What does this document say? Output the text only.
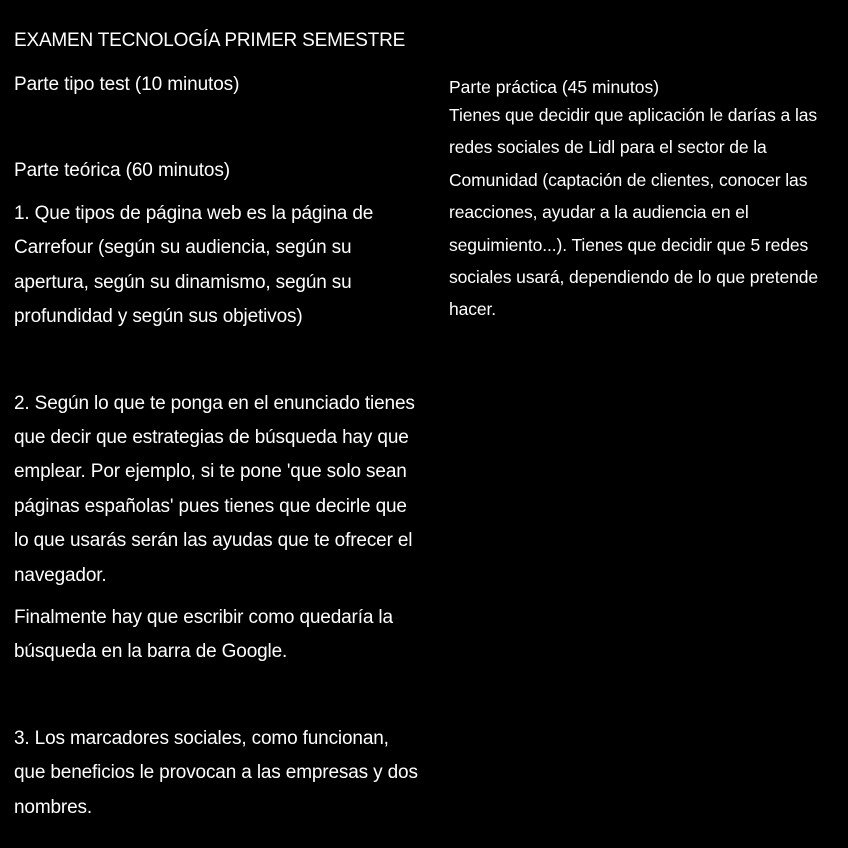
EXAMEN TECNOLOGÍA PRIMER SEMESTRE

Parte tipo test (10 minutos)

Parte teórica (60 minutos)

1. Que tipos de página web es la página de Carrefour (según su audiencia, según su apertura, según su dinamismo, según su profundidad y según sus objetivos)

2. Según lo que te ponga en el enunciado tienes que decir que estrategias de búsqueda hay que emplear. Por ejemplo, si te pone 'que solo sean páginas españolas' pues tienes que decirle que lo que usarás serán las ayudas que te ofrecer el navegador.

Finalmente hay que escribir como quedaría la búsqueda en la barra de Google.

3. Los marcadores sociales, como funcionan, que beneficios le provocan a las empresas y dos nombres.

Parte práctica (45 minutos)

Tienes que decidir que aplicación le darías a las redes sociales de Lidl para el sector de la Comunidad (captación de clientes, conocer las reacciones, ayudar a la audiencia en el seguimiento...). Tienes que decidir que 5 redes sociales usará, dependiendo de lo que pretende hacer.
